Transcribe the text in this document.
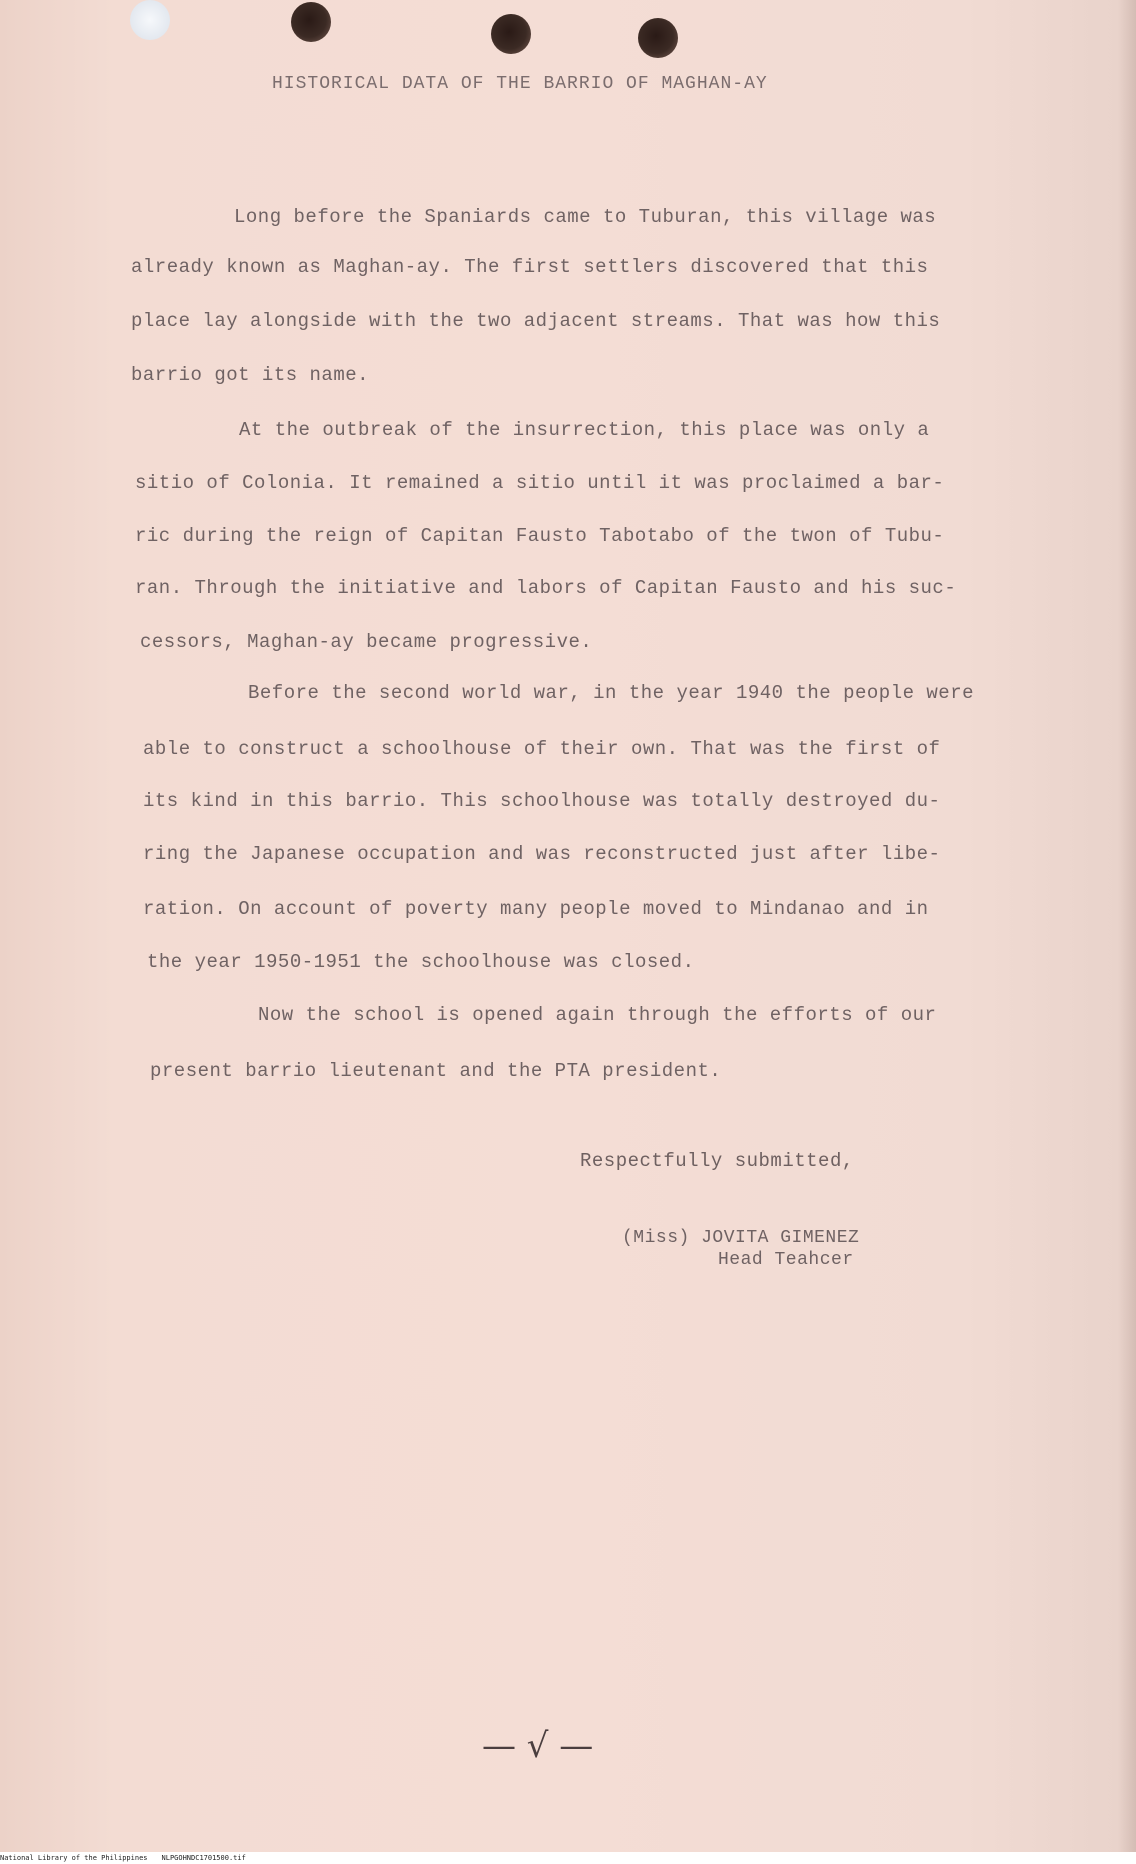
HISTORICAL DATA OF THE BARRIO OF MAGHAN-AY
Long before the Spaniards came to Tuburan, this village was
already known as Maghan-ay. The first settlers discovered that this
place lay alongside with the two adjacent streams. That was how this
barrio got its name.
At the outbreak of the insurrection, this place was only a
sitio of Colonia. It remained a sitio until it was proclaimed a bar-
ric during the reign of Capitan Fausto Tabotabo of the twon of Tubu-
ran. Through the initiative and labors of Capitan Fausto and his suc-
cessors, Maghan-ay became progressive.
Before the second world war, in the year 1940 the people were
able to construct a schoolhouse of their own. That was the first of
its kind in this barrio. This schoolhouse was totally destroyed du-
ring the Japanese occupation and was reconstructed just after libe-
ration. On account of poverty many people moved to Mindanao and in
the year 1950-1951 the schoolhouse was closed.
Now the school is opened again through the efforts of our
present barrio lieutenant and the PTA president.
Respectfully submitted,
(Miss) JOVITA GIMENEZ
Head Teahcer
— √ —
National Library of the Philippines NLPGOHNDC1701500.tif
